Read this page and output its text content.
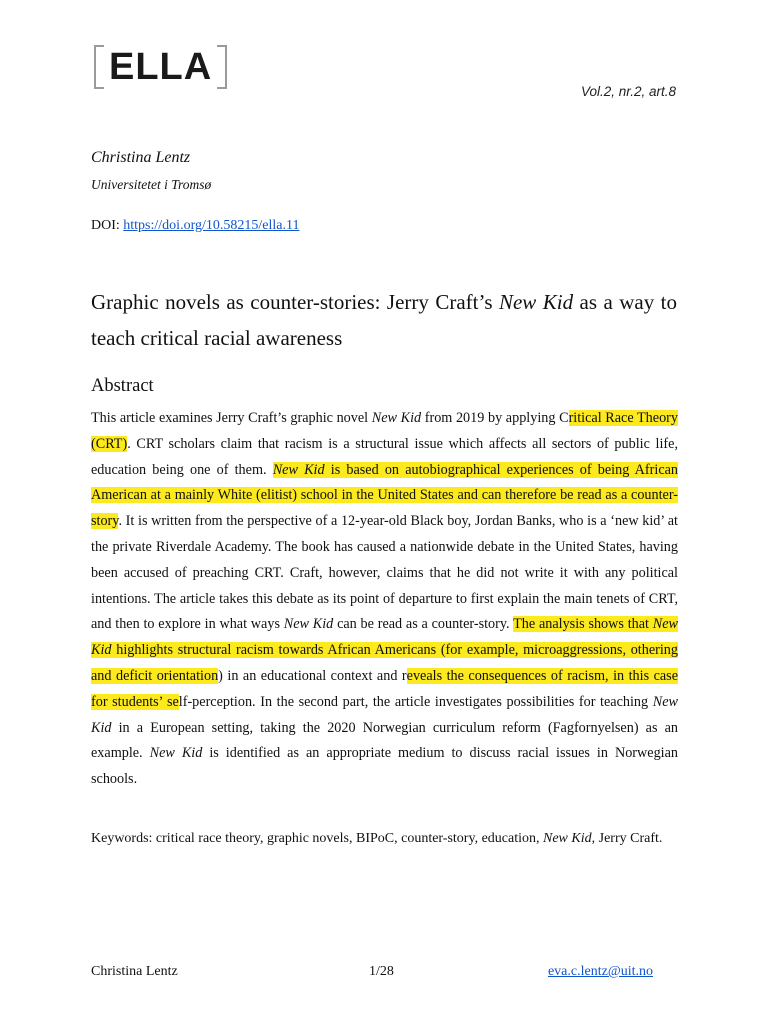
ELLA
Vol.2, nr.2, art.8
Christina Lentz
Universitetet i Tromsø
DOI: https://doi.org/10.58215/ella.11
Graphic novels as counter-stories: Jerry Craft’s New Kid as a way to teach critical racial awareness
Abstract

This article examines Jerry Craft’s graphic novel New Kid from 2019 by applying Critical Race Theory (CRT). CRT scholars claim that racism is a structural issue which affects all sectors of public life, education being one of them. New Kid is based on autobiographical experiences of being African American at a mainly White (elitist) school in the United States and can therefore be read as a counter-story. It is written from the perspective of a 12-year-old Black boy, Jordan Banks, who is a ‘new kid’ at the private Riverdale Academy. The book has caused a nationwide debate in the United States, having been accused of preaching CRT. Craft, however, claims that he did not write it with any political intentions. The article takes this debate as its point of departure to first explain the main tenets of CRT, and then to explore in what ways New Kid can be read as a counter-story. The analysis shows that New Kid highlights structural racism towards African Americans (for example, microaggressions, othering and deficit orientation) in an educational context and reveals the consequences of racism, in this case for students’ self-perception. In the second part, the article investigates possibilities for teaching New Kid in a European setting, taking the 2020 Norwegian curriculum reform (Fagfornyelsen) as an example. New Kid is identified as an appropriate medium to discuss racial issues in Norwegian schools.

Keywords: critical race theory, graphic novels, BIPoC, counter-story, education, New Kid, Jerry Craft.

Christina Lentz	1/28	eva.c.lentz@uit.no
